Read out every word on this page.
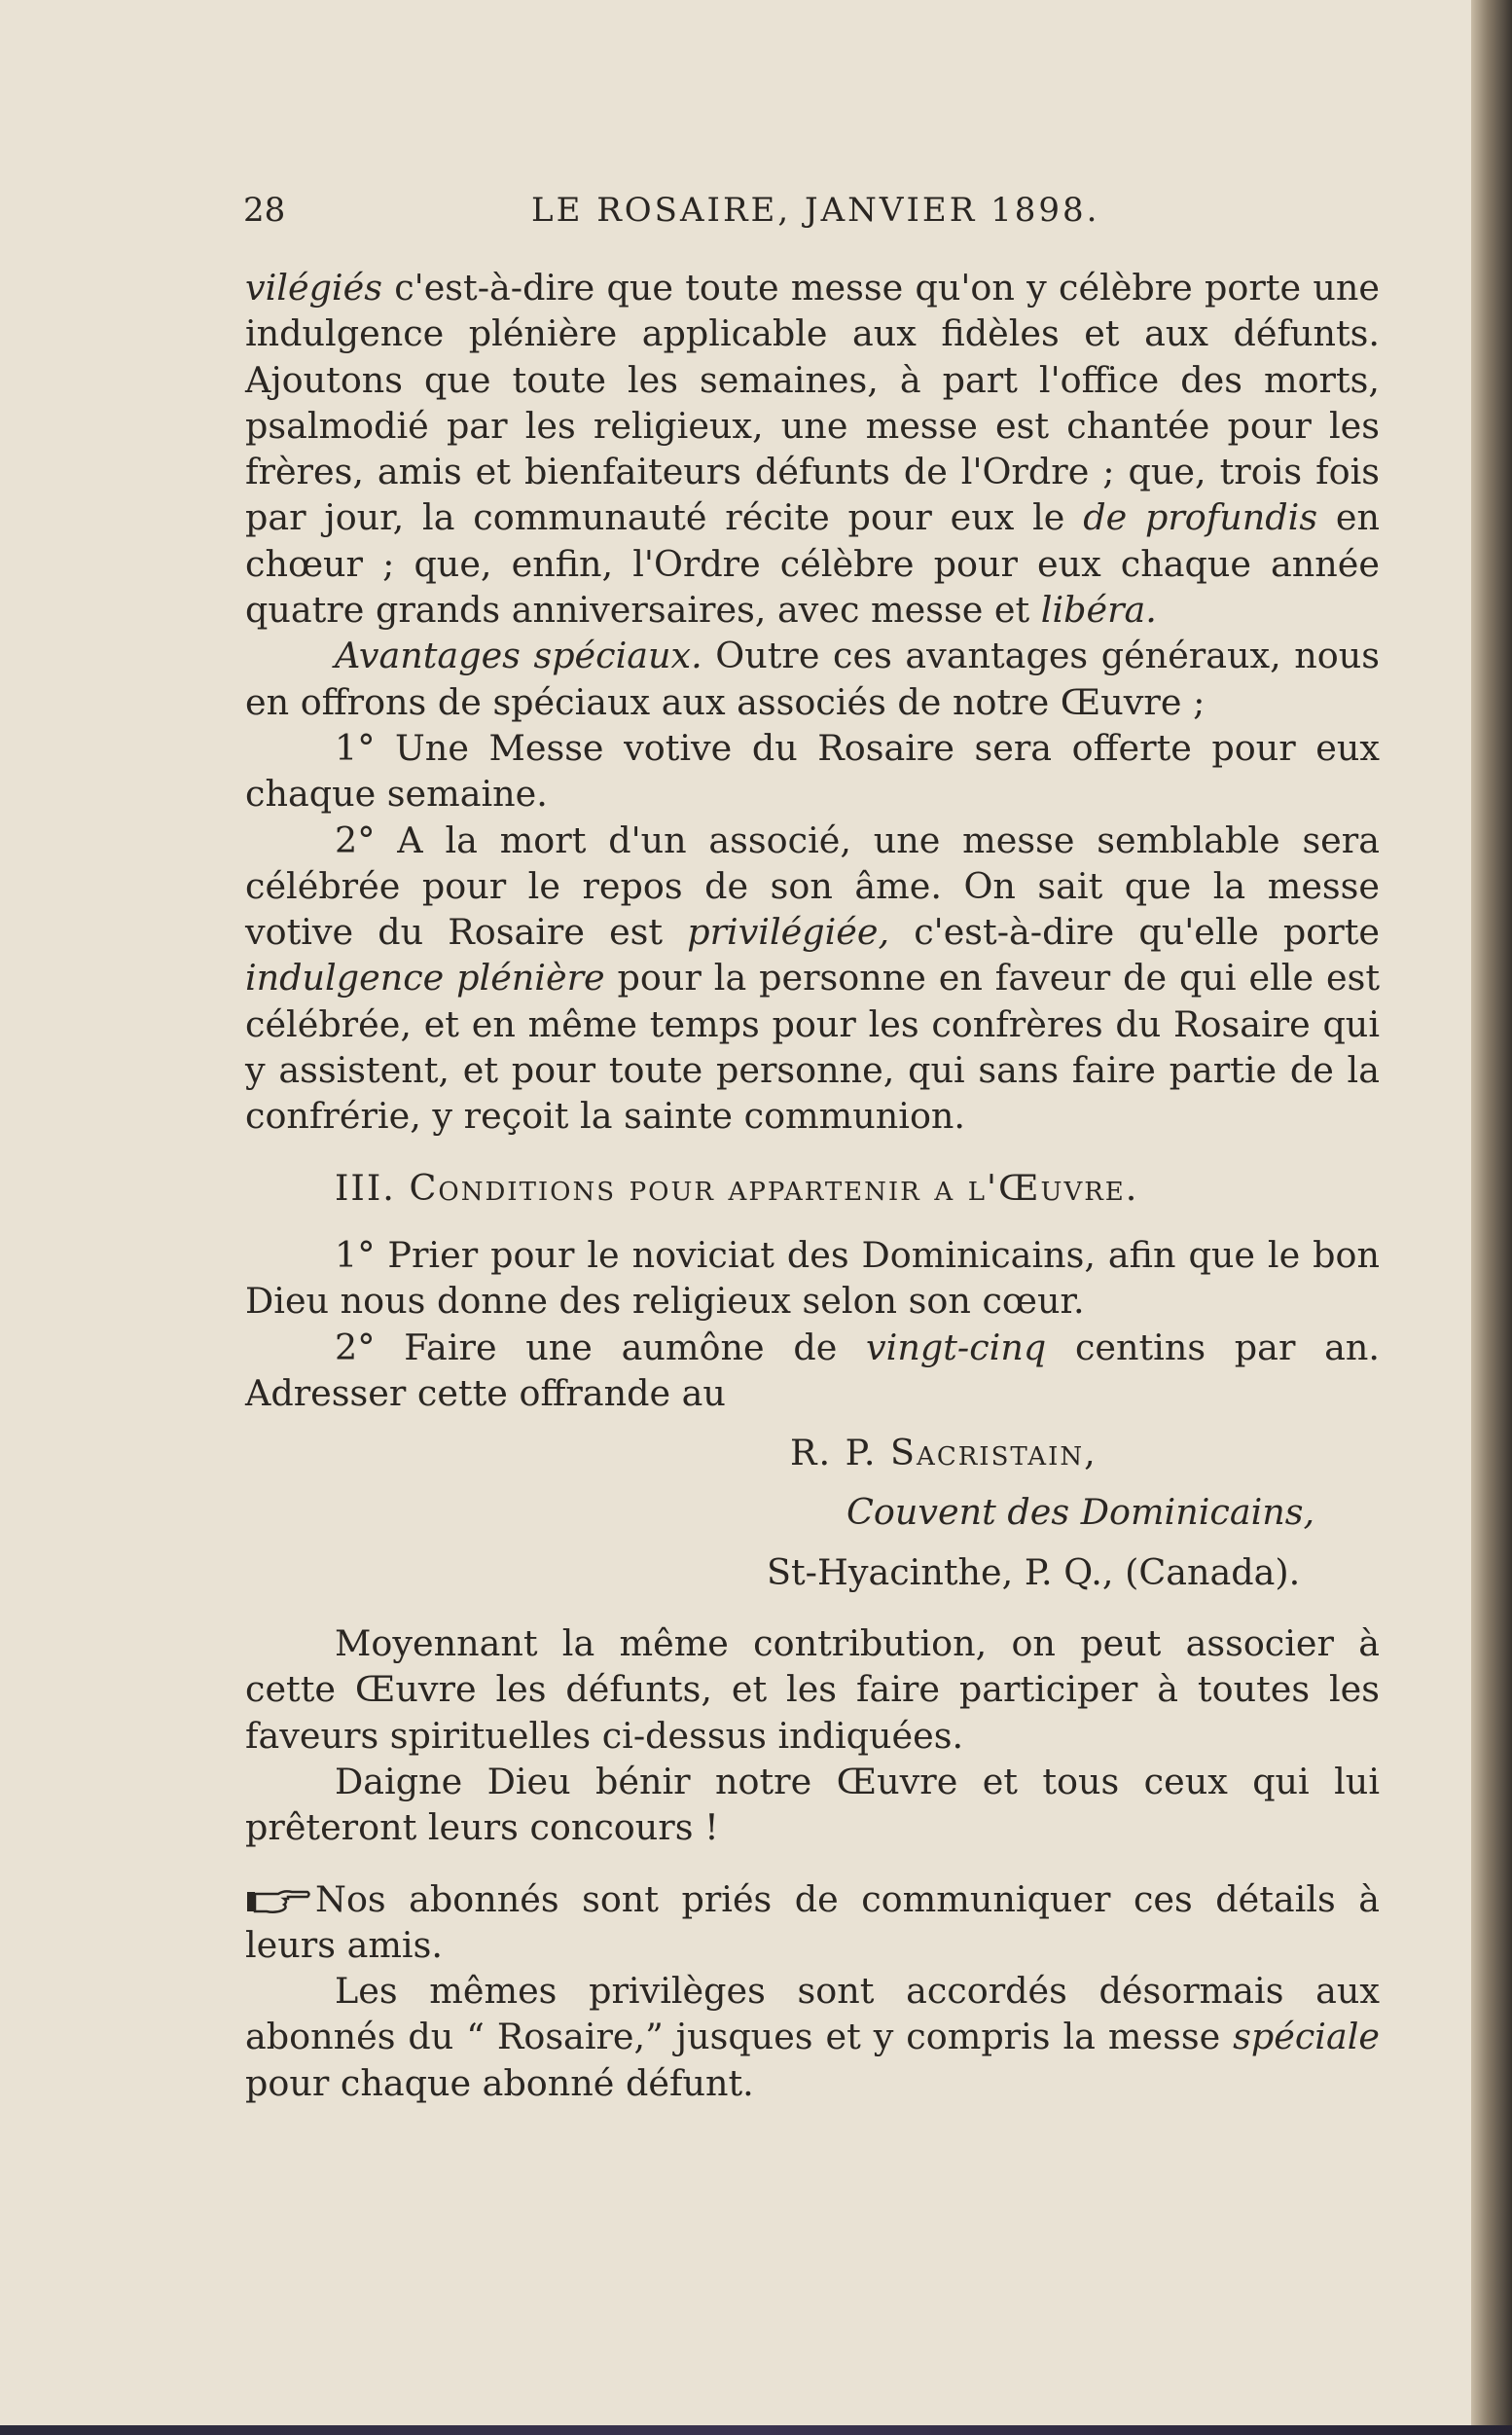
28	LE ROSAIRE, JANVIER 1898.

vilégiés c'est-à-dire que toute messe qu'on y célèbre porte une indulgence plénière applicable aux fidèles et aux défunts. Ajoutons que toute les semaines, à part l'office des morts, psalmodié par les religieux, une messe est chantée pour les frères, amis et bienfaiteurs défunts de l'Ordre ; que, trois fois par jour, la communauté récite pour eux le de profundis en chœur ; que, enfin, l'Ordre célèbre pour eux chaque année quatre grands anniversaires, avec messe et libéra.

Avantages spéciaux. Outre ces avantages généraux, nous en offrons de spéciaux aux associés de notre Œuvre ;

1° Une Messe votive du Rosaire sera offerte pour eux chaque semaine.

2° A la mort d'un associé, une messe semblable sera célébrée pour le repos de son âme. On sait que la messe votive du Rosaire est privilégiée, c'est-à-dire qu'elle porte indulgence plénière pour la personne en faveur de qui elle est célébrée, et en même temps pour les confrères du Rosaire qui y assistent, et pour toute personne, qui sans faire partie de la confrérie, y reçoit la sainte communion.

III. Conditions pour appartenir a l'Œuvre.

1° Prier pour le noviciat des Dominicains, afin que le bon Dieu nous donne des religieux selon son cœur.

2° Faire une aumône de vingt-cinq centins par an. Adresser cette offrande au

R. P. Sacristain,

Couvent des Dominicains,

St-Hyacinthe, P. Q., (Canada).

Moyennant la même contribution, on peut associer à cette Œuvre les défunts, et les faire participer à toutes les faveurs spirituelles ci-dessus indiquées.

Daigne Dieu bénir notre Œuvre et tous ceux qui lui prêteront leurs concours !

Nos abonnés sont priés de communiquer ces détails à leurs amis.

Les mêmes privilèges sont accordés désormais aux abonnés du “ Rosaire,” jusques et y compris la messe spéciale pour chaque abonné défunt.
